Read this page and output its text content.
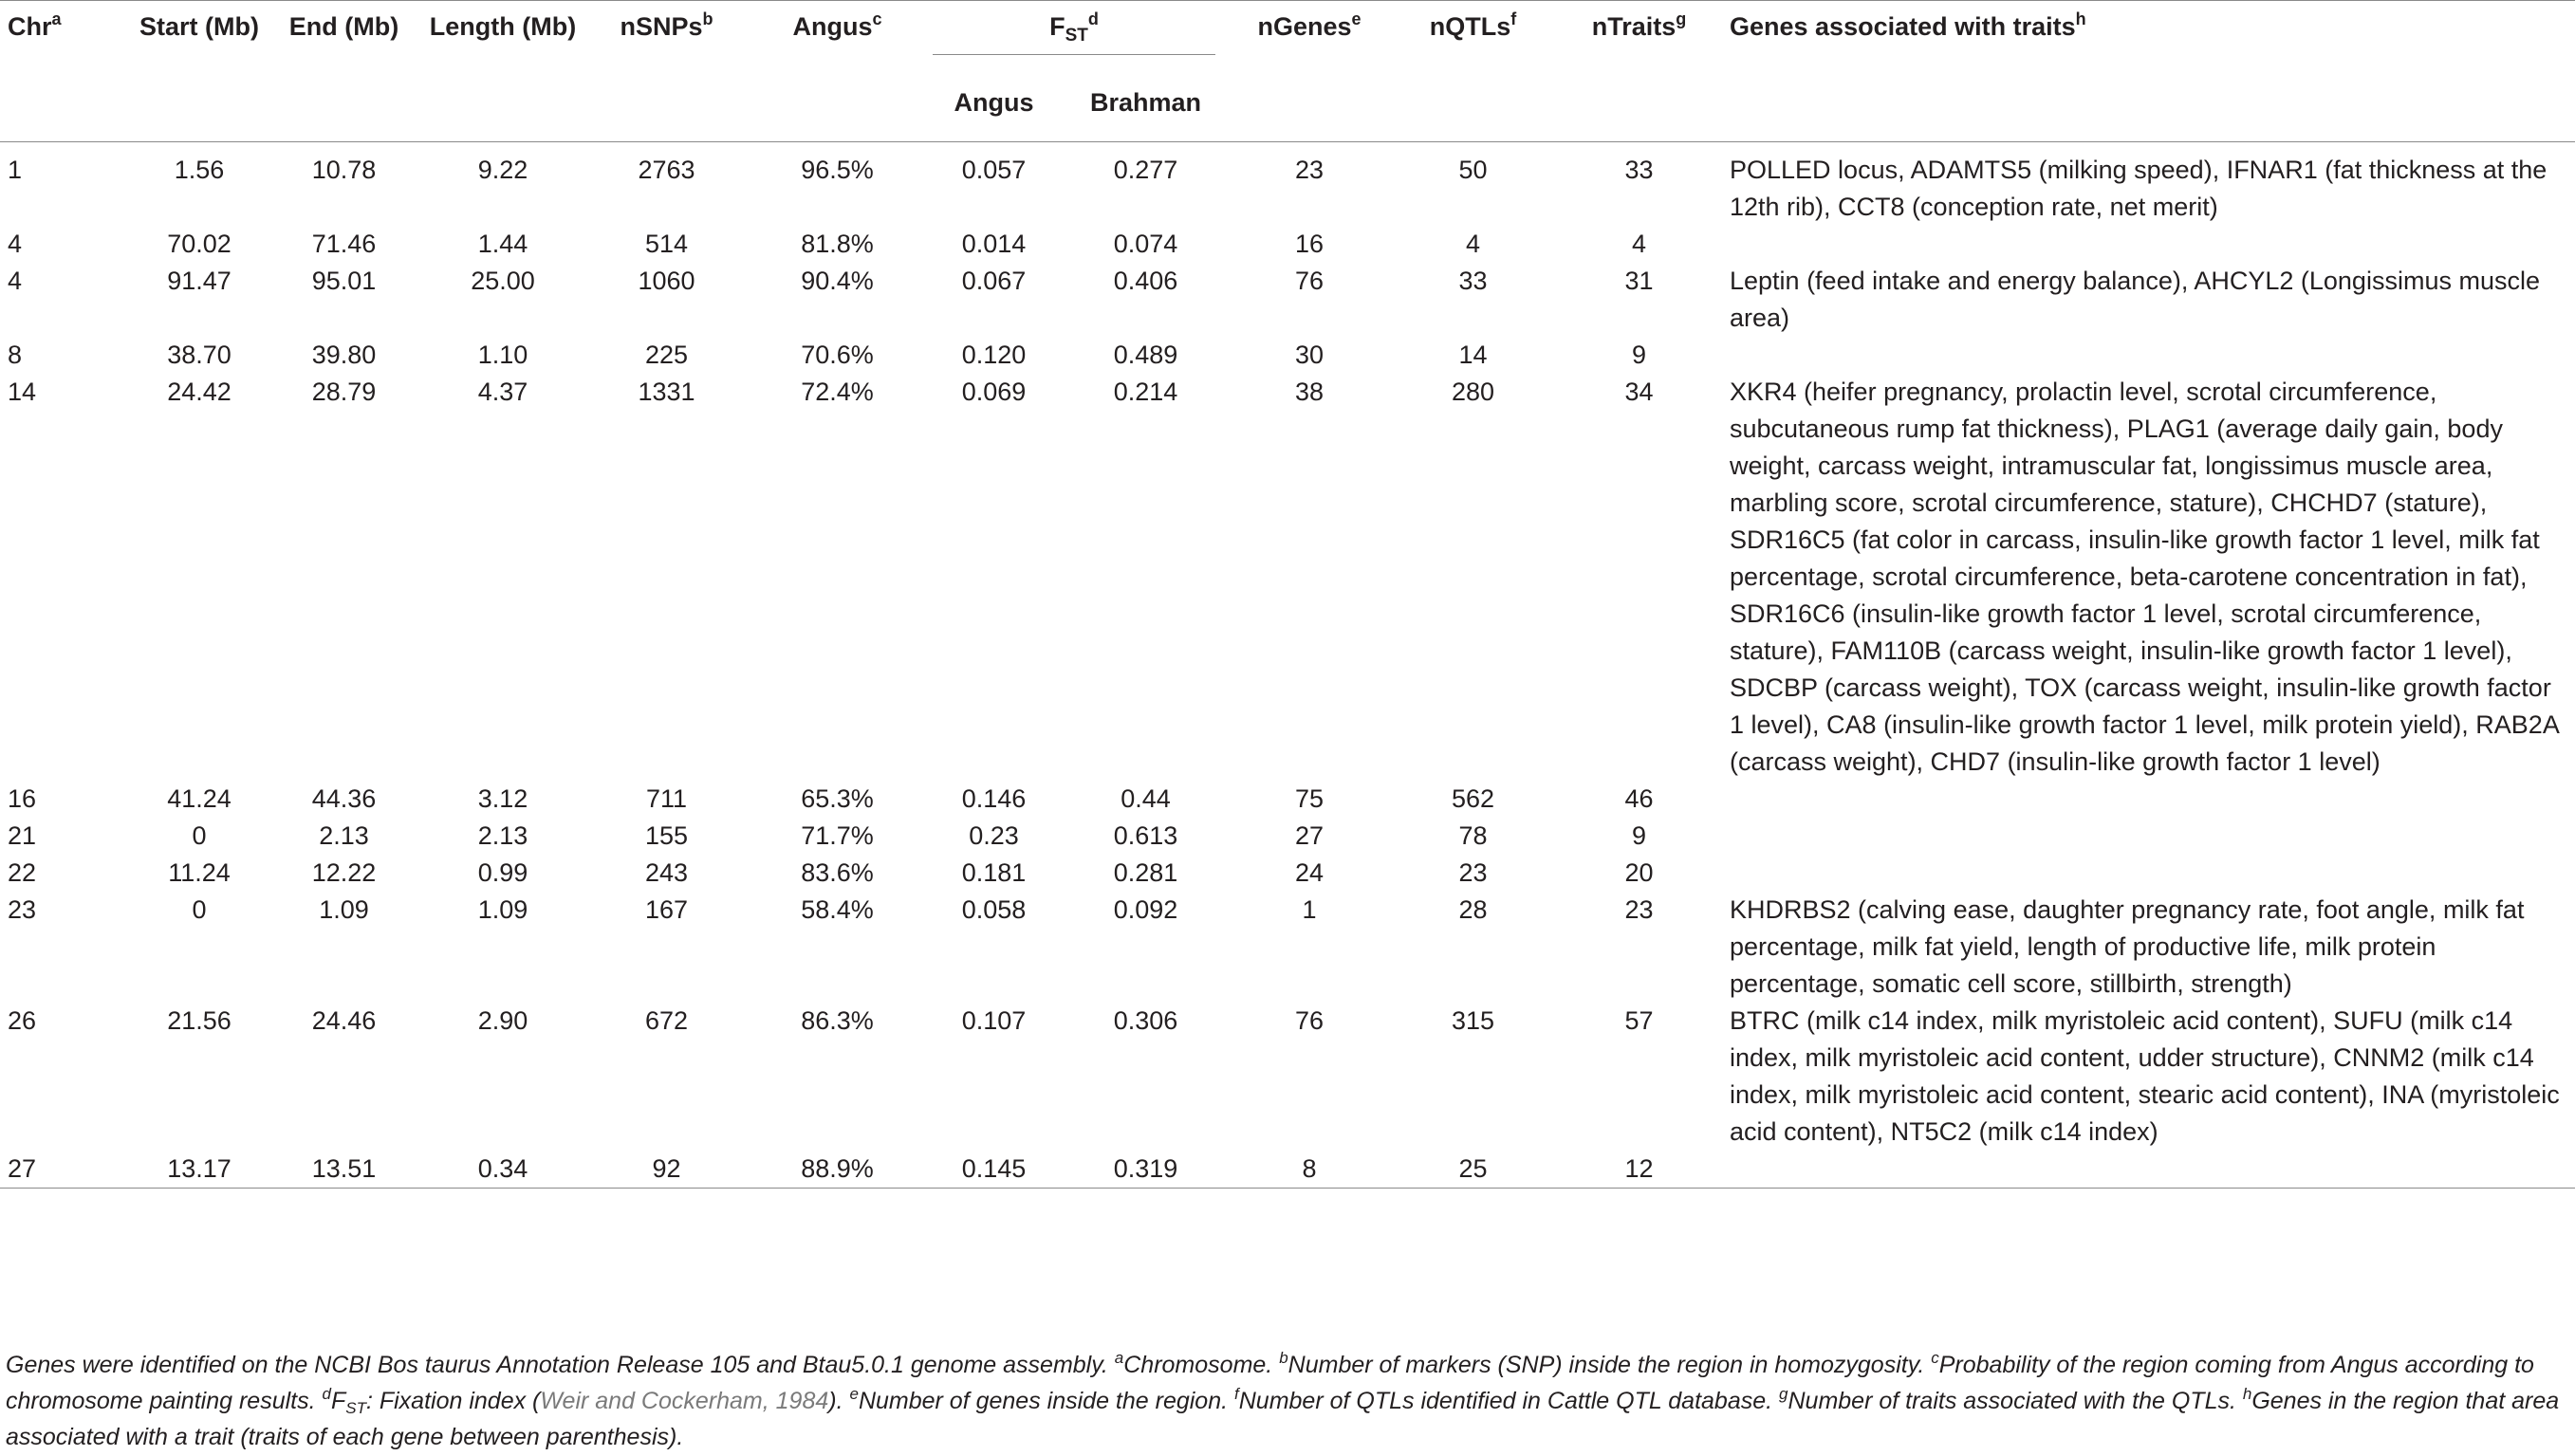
Chr$^a$	Start (Mb)	End (Mb)	Length (Mb)	nSNPs$^b$	Angus$^c$	$F_{ST}^d$		nGenes$^e$	nQTLs$^f$	nTraits$^g$	Genes associated with traits$^h$
						Angus	Brahman				
1	1.56	10.78	9.22	2763	96.5%	0.057	0.277	23	50	33	POLLED locus, ADAMTS5 (milking speed), IFNAR1 (fat thickness at the 12th rib), CCT8 (conception rate, net merit)
4	70.02	71.46	1.44	514	81.8%	0.014	0.074	16	4	4	
4	91.47	95.01	25.00	1060	90.4%	0.067	0.406	76	33	31	Leptin (feed intake and energy balance), AHCYL2 (Longissimus muscle area)
8	38.70	39.80	1.10	225	70.6%	0.120	0.489	30	14	9	
14	24.42	28.79	4.37	1331	72.4%	0.069	0.214	38	280	34	XKR4 (heifer pregnancy, prolactin level, scrotal circumference, subcutaneous rump fat thickness), PLAG1 (average daily gain, body weight, carcass weight, intramuscular fat, longissimus muscle area, marbling score, scrotal circumference, stature), CHCHD7 (stature), SDR16C5 (fat color in carcass, insulin-like growth factor 1 level, milk fat percentage, scrotal circumference, beta-carotene concentration in fat), SDR16C6 (insulin-like growth factor 1 level, scrotal circumference, stature), FAM110B (carcass weight, insulin-like growth factor 1 level), SDCBP (carcass weight), TOX (carcass weight, insulin-like growth factor 1 level), CA8 (insulin-like growth factor 1 level, milk protein yield), RAB2A (carcass weight), CHD7 (insulin-like growth factor 1 level)
16	41.24	44.36	3.12	711	65.3%	0.146	0.44	75	562	46	
21	0	2.13	2.13	155	71.7%	0.23	0.613	27	78	9	
22	11.24	12.22	0.99	243	83.6%	0.181	0.281	24	23	20	
23	0	1.09	1.09	167	58.4%	0.058	0.092	1	28	23	KHDRBS2 (calving ease, daughter pregnancy rate, foot angle, milk fat percentage, milk fat yield, length of productive life, milk protein percentage, somatic cell score, stillbirth, strength)
26	21.56	24.46	2.90	672	86.3%	0.107	0.306	76	315	57	BTRC (milk c14 index, milk myristoleic acid content), SUFU (milk c14 index, milk myristoleic acid content, udder structure), CNNM2 (milk c14 index, milk myristoleic acid content, stearic acid content), INA (myristoleic acid content), NT5C2 (milk c14 index)
27	13.17	13.51	0.34	92	88.9%	0.145	0.319	8	25	12	
Genes were identified on the NCBI Bos taurus Annotation Release 105 and Btau5.0.1 genome assembly. $^a$Chromosome. $^b$Number of markers (SNP) inside the region in homozygosity. $^c$Probability of the region coming from Angus according to chromosome painting results. $^dF_{ST}$: Fixation index (Weir and Cockerham, 1984). $^e$Number of genes inside the region. $^f$Number of QTLs identified in Cattle QTL database. $^g$Number of traits associated with the QTLs. $^h$Genes in the region that area associated with a trait (traits of each gene between parenthesis).
